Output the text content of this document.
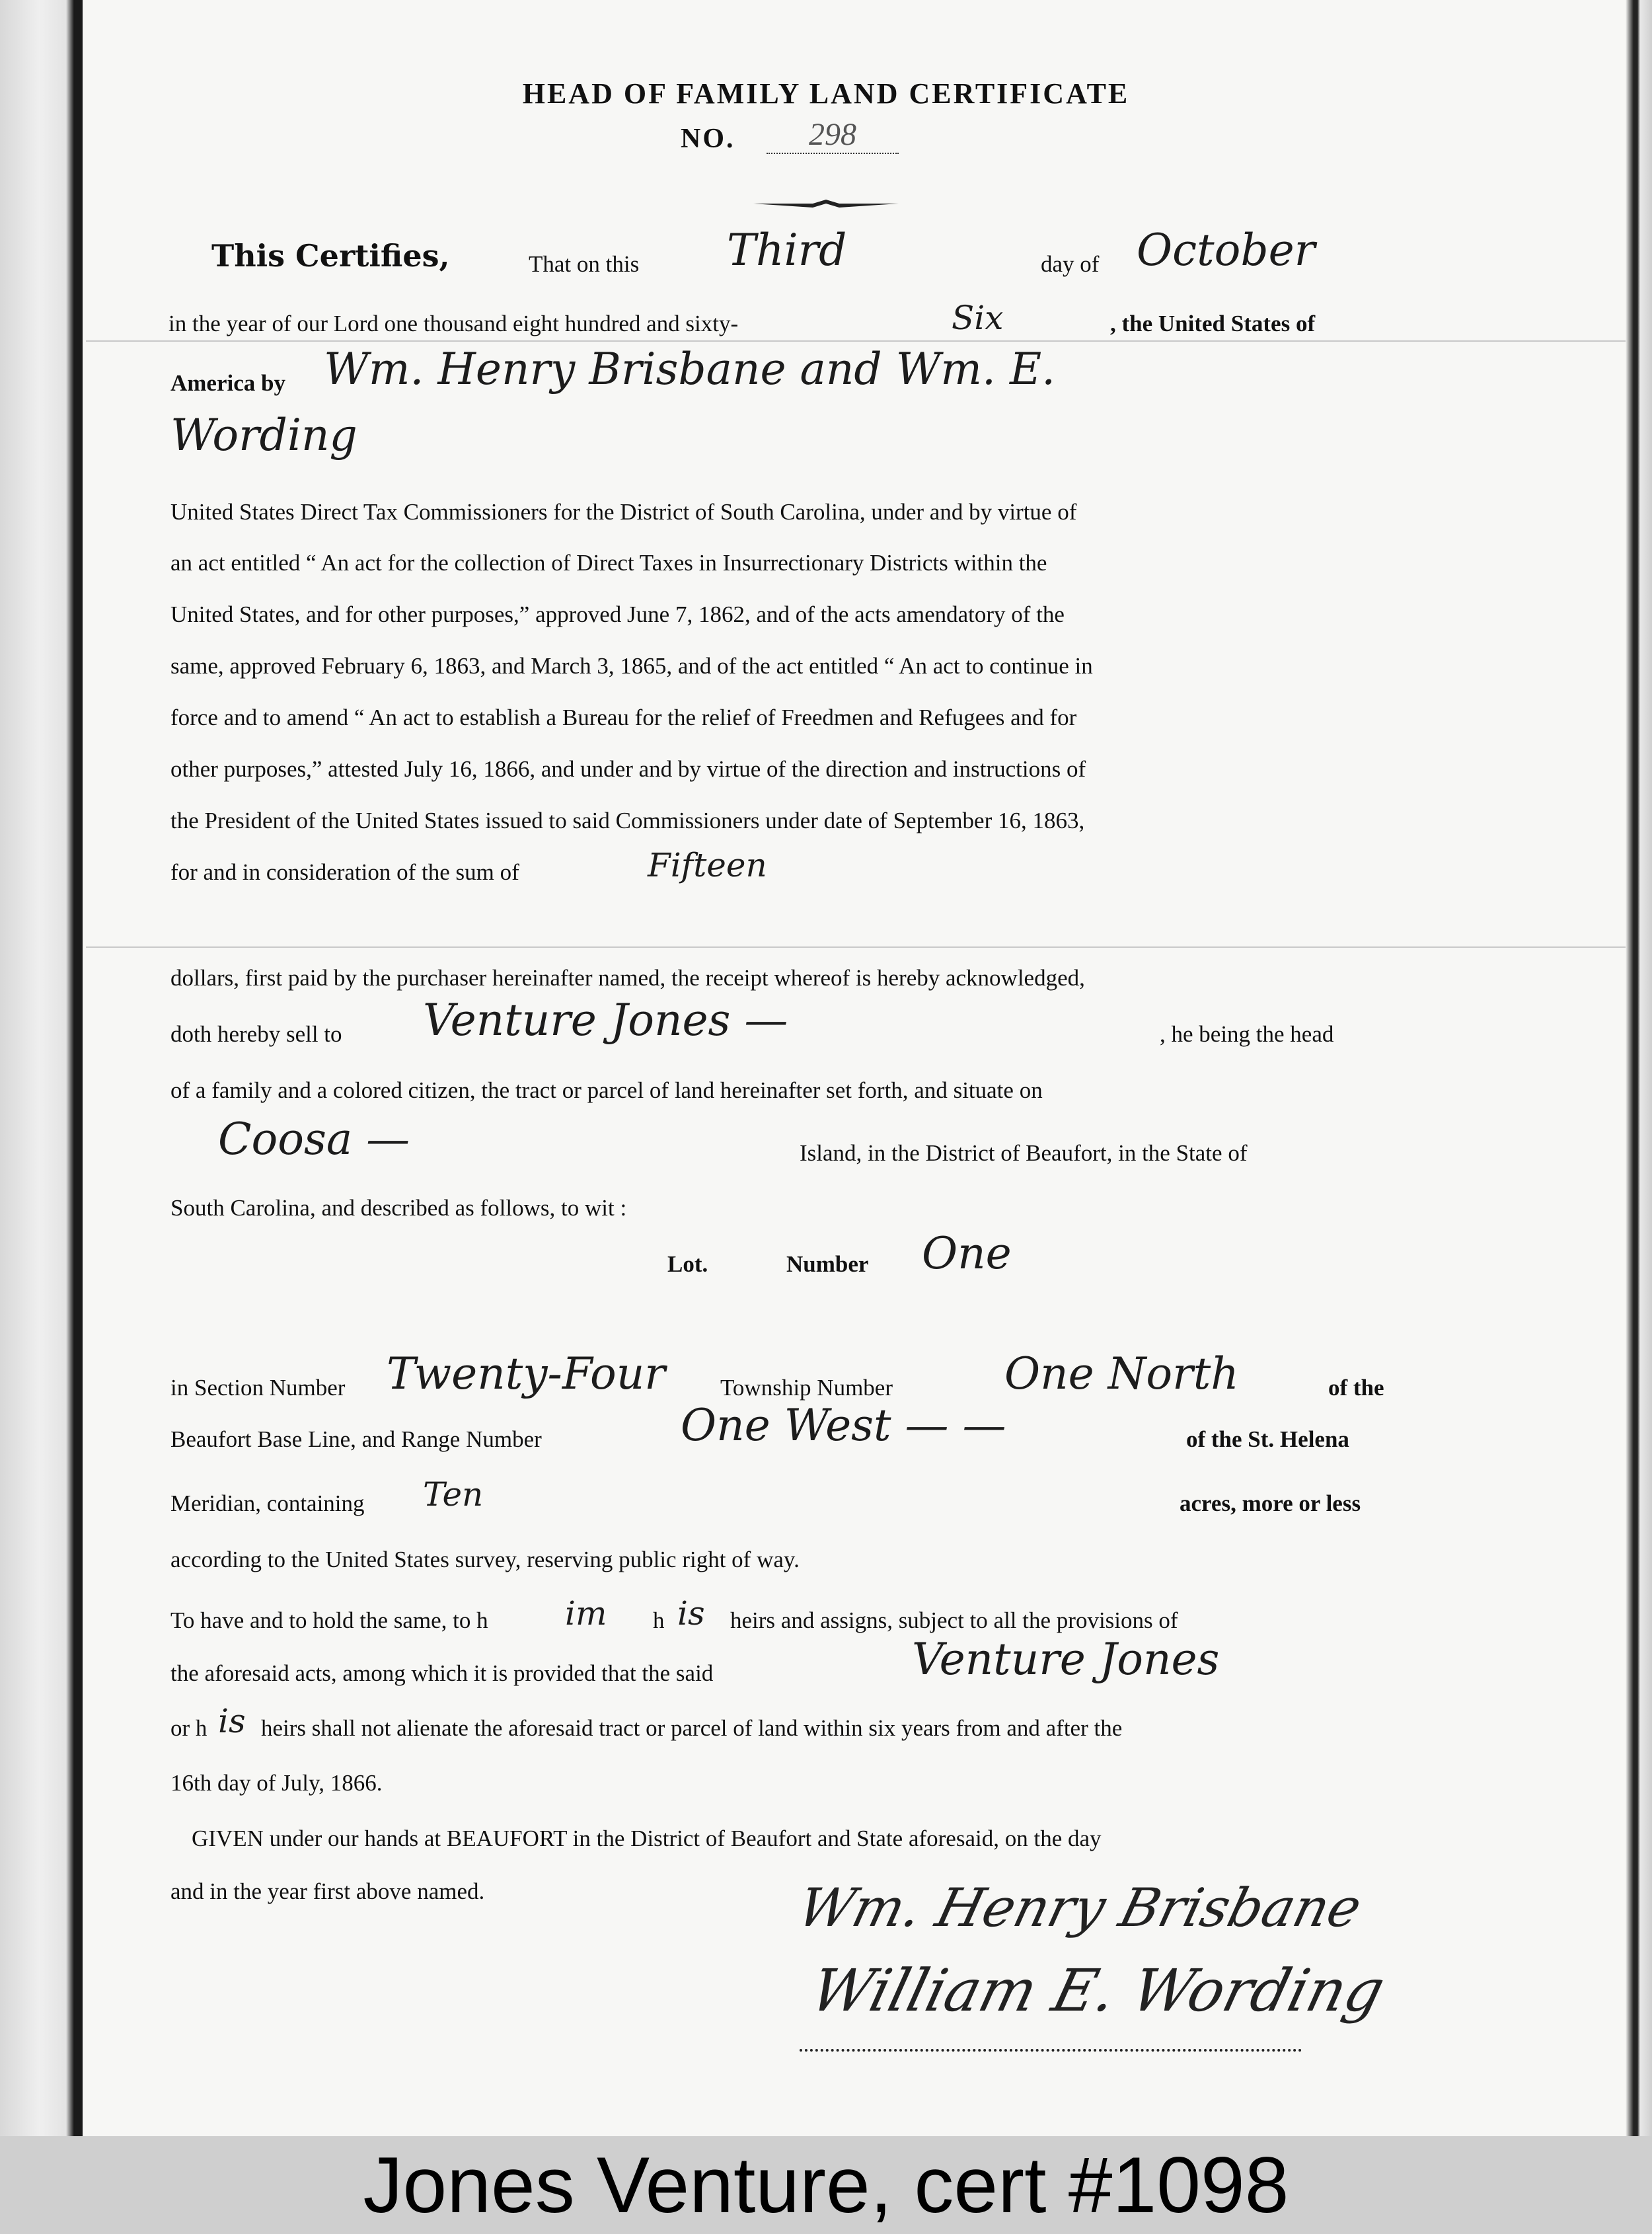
HEAD OF FAMILY LAND CERTIFICATE
NO.	298
This Certifies,	That on this Third	day of October
in the year of our Lord one thousand eight hundred and sixty-	Six	, the United States of
America by Wm. Henry Brisbane and Wm. E.
Wording
United States Direct Tax Commissioners for the District of South Carolina, under and by virtue of
an act entitled “ An act for the collection of Direct Taxes in Insurrectionary Districts within the
United States, and for other purposes,” approved June 7, 1862, and of the acts amendatory of the
same, approved February 6, 1863, and March 3, 1865, and of the act entitled “ An act to continue in
force and to amend “ An act to establish a Bureau for the relief of Freedmen and Refugees and for
other purposes,” attested July 16, 1866, and under and by virtue of the direction and instructions of
the President of the United States issued to said Commissioners under date of September 16, 1863,
for and in consideration of the sum of	Fifteen
dollars, first paid by the purchaser hereinafter named, the receipt whereof is hereby acknowledged,
doth hereby sell to Venture Jones —	, he being the head
of a family and a colored citizen, the tract or parcel of land hereinafter set forth, and situate on
Coosa —	Island, in the District of Beaufort, in the State of
South Carolina, and described as follows, to wit :
Lot.	Number One
in Section Number Twenty-Four Township Number	One North	of the
Beaufort Base Line, and Range Number	One West — —	of the St. Helena
Meridian, containing Ten	acres, more or less
according to the United States survey, reserving public right of way.
To have and to hold the same, to h im h is heirs and assigns, subject to all the provisions of
the aforesaid acts, among which it is provided that the said	Venture Jones
or h is heirs shall not alienate the aforesaid tract or parcel of land within six years from and after the
16th day of July, 1866.
GIVEN under our hands at BEAUFORT in the District of Beaufort and State aforesaid, on the day
and in the year first above named.	Wm. Henry Brisbane
William E. Wording
Jones Venture, cert #1098
